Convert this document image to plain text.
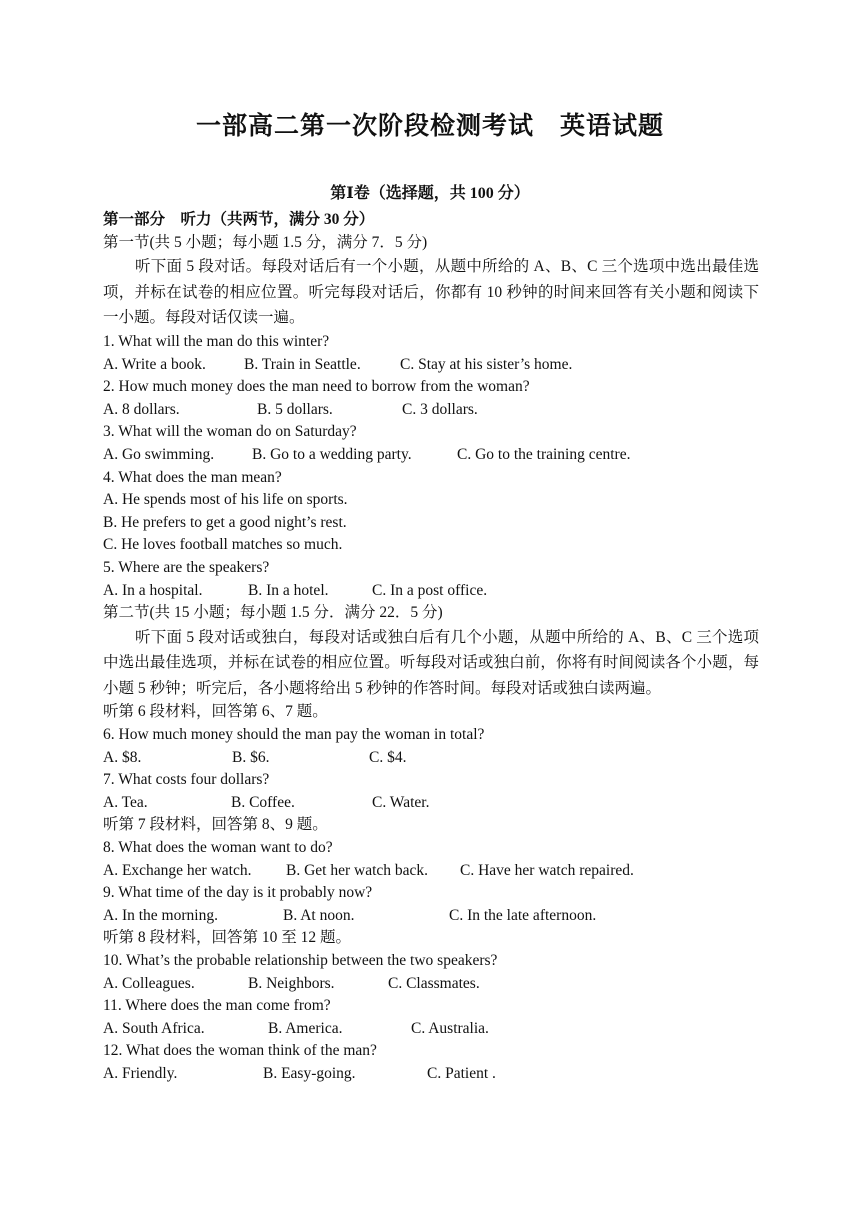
一部高二第一次阶段检测考试　英语试题
第Ⅰ卷（选择题，共 100 分）
第一部分　听力（共两节，满分 30 分）
第一节(共 5 小题；每小题 1.5 分，满分 7．5 分)
听下面 5 段对话。每段对话后有一个小题，从题中所给的 A、B、C 三个选项中选出最佳选项，并标在试卷的相应位置。听完每段对话后，你都有 10 秒钟的时间来回答有关小题和阅读下一小题。每段对话仅读一遍。
1. What will the man do this winter?
A. Write a book. B. Train in Seattle.	C. Stay at his sister’s home.
2. How much money does the man need to borrow from the woman?
A. 8 dollars.	B. 5 dollars.	C. 3 dollars.
3. What will the woman do on Saturday?
A. Go swimming. B. Go to a wedding party.	C. Go to the training centre.
4. What does the man mean?
A. He spends most of his life on sports.
B. He prefers to get a good night’s rest.
C. He loves football matches so much.
5. Where are the speakers?
A. In a hospital.	B. In a hotel.	C. In a post office.
第二节(共 15 小题；每小题 1.5 分．满分 22．5 分)
听下面 5 段对话或独白，每段对话或独白后有几个小题，从题中所给的 A、B、C 三个选项中选出最佳选项，并标在试卷的相应位置。听每段对话或独白前，你将有时间阅读各个小题，每小题 5 秒钟；听完后，各小题将给出 5 秒钟的作答时间。每段对话或独白读两遍。
听第 6 段材料，回答第 6、7 题。
6. How much money should the man pay the woman in total?
A. $8.	B. $6.	C. $4.
7. What costs four dollars?
A. Tea.	B. Coffee.	C. Water.
听第 7 段材料，回答第 8、9 题。
8. What does the woman want to do?
A. Exchange her watch. B. Get her watch back. C. Have her watch repaired.
9. What time of the day is it probably now?
A. In the morning.	B. At noon.	C. In the late afternoon.
听第 8 段材料，回答第 10 至 12 题。
10. What’s the probable relationship between the two speakers?
A. Colleagues.	B. Neighbors.	C. Classmates.
11. Where does the man come from?
A. South Africa.	B. America.	C. Australia.
12. What does the woman think of the man?
A. Friendly.	B. Easy-going.	C. Patient .
